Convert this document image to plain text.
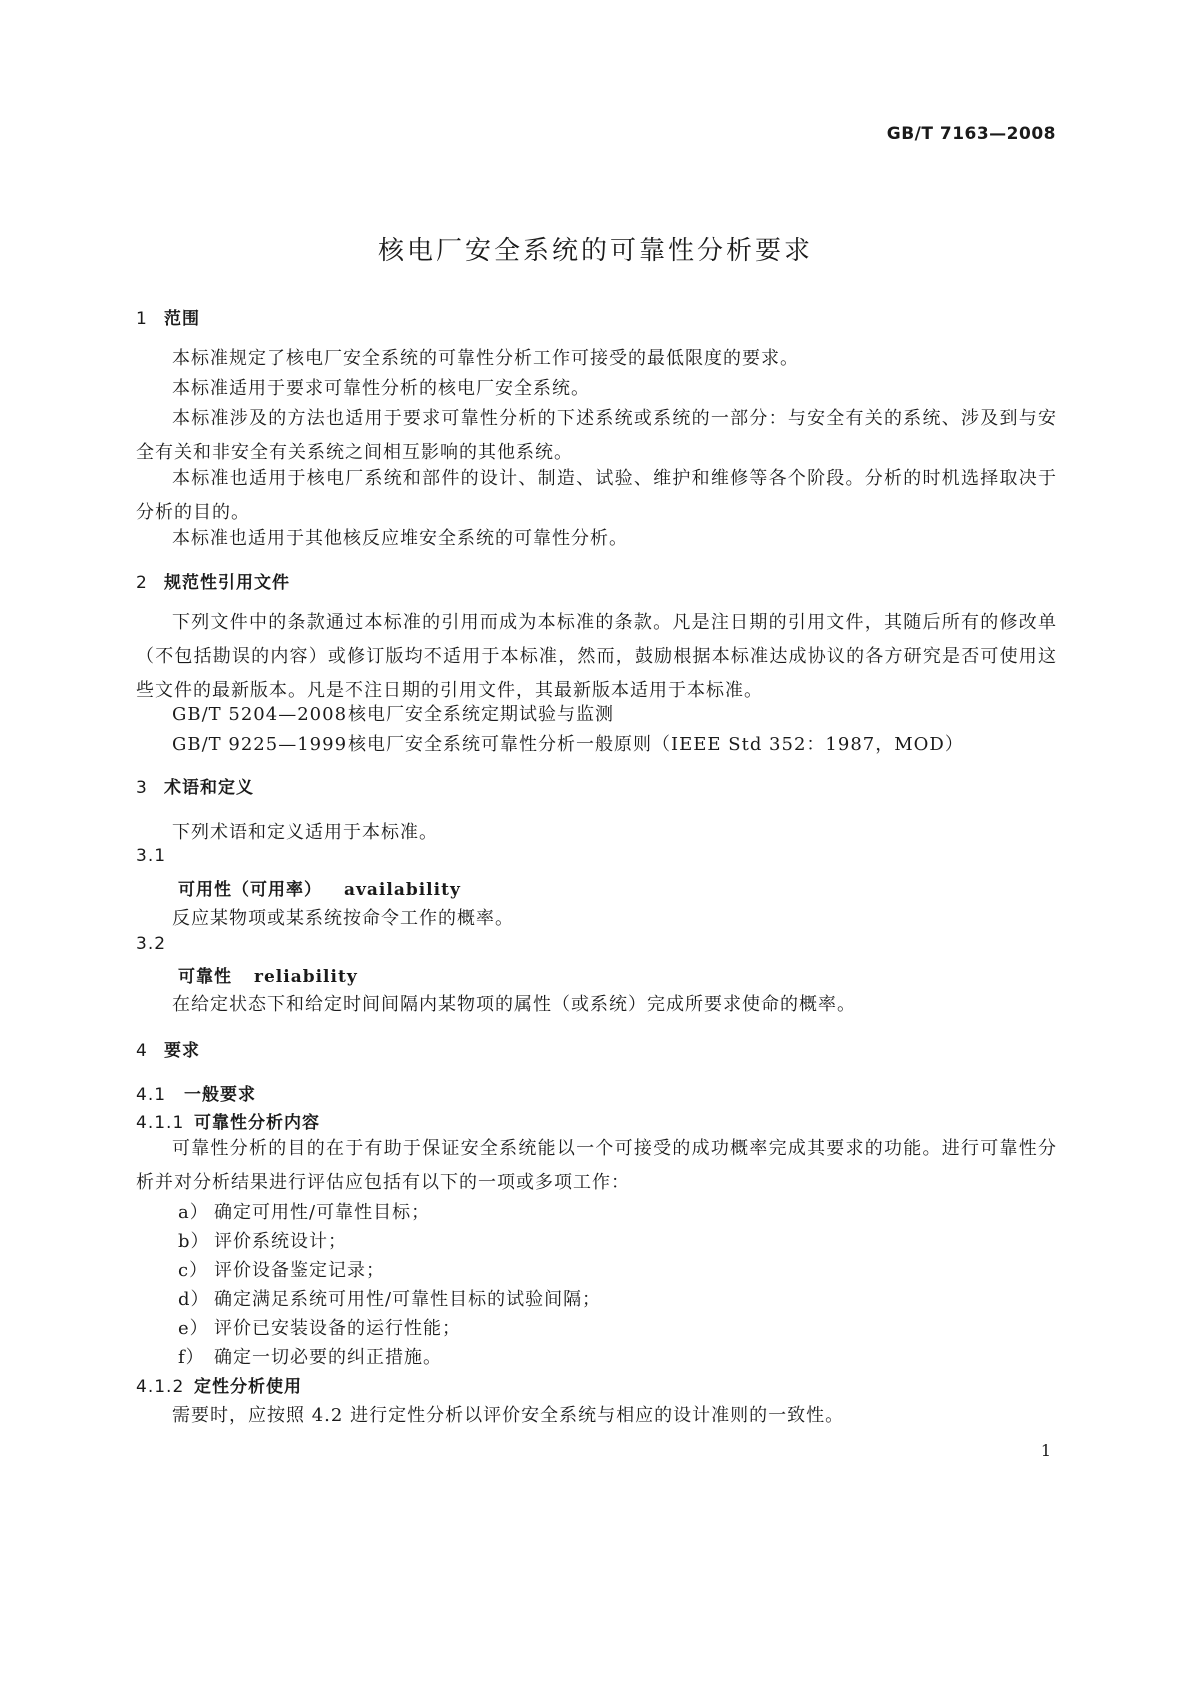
GB/T 7163—2008
核电厂安全系统的可靠性分析要求
1 范围
本标准规定了核电厂安全系统的可靠性分析工作可接受的最低限度的要求。
本标准适用于要求可靠性分析的核电厂安全系统。
本标准涉及的方法也适用于要求可靠性分析的下述系统或系统的一部分：与安全有关的系统、涉及到与安全有关和非安全有关系统之间相互影响的其他系统。
本标准也适用于核电厂系统和部件的设计、制造、试验、维护和维修等各个阶段。分析的时机选择取决于分析的目的。
本标准也适用于其他核反应堆安全系统的可靠性分析。
2 规范性引用文件
下列文件中的条款通过本标准的引用而成为本标准的条款。凡是注日期的引用文件，其随后所有的修改单（不包括勘误的内容）或修订版均不适用于本标准，然而，鼓励根据本标准达成协议的各方研究是否可使用这些文件的最新版本。凡是不注日期的引用文件，其最新版本适用于本标准。
GB/T 5204—2008核电厂安全系统定期试验与监测
GB/T 9225—1999核电厂安全系统可靠性分析一般原则（IEEE Std 352：1987，MOD）
3 术语和定义
下列术语和定义适用于本标准。
3.1
可用性（可用率） availability
反应某物项或某系统按命令工作的概率。
3.2
可靠性 reliability
在给定状态下和给定时间间隔内某物项的属性（或系统）完成所要求使命的概率。
4 要求
4.1 一般要求
4.1.1 可靠性分析内容
可靠性分析的目的在于有助于保证安全系统能以一个可接受的成功概率完成其要求的功能。进行可靠性分析并对分析结果进行评估应包括有以下的一项或多项工作：
a） 确定可用性/可靠性目标；
b） 评价系统设计；
c） 评价设备鉴定记录；
d） 确定满足系统可用性/可靠性目标的试验间隔；
e） 评价已安装设备的运行性能；
f） 确定一切必要的纠正措施。
4.1.2 定性分析使用
需要时，应按照 4.2 进行定性分析以评价安全系统与相应的设计准则的一致性。
1
